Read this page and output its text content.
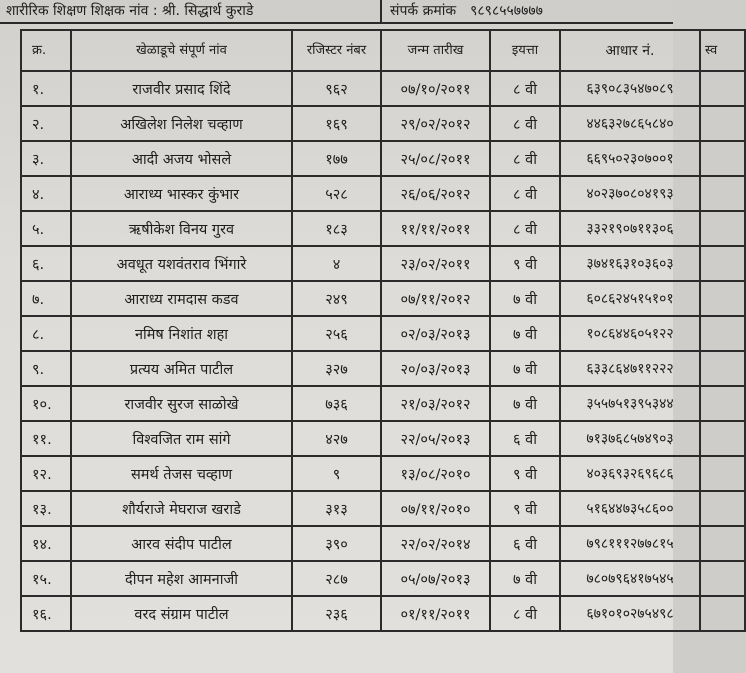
शारीरिक शिक्षण शिक्षक नांव : श्री. सिद्धार्थ कुराडे	संपर्क क्रमांक ९८९८५५७७७७
क्र.	खेळाडूचे संपूर्ण नांव	रजिस्टर नंबर	जन्म तारीख	इयत्ता	आधार नं.	स्व
१.	राजवीर प्रसाद शिंदे	९६२	०७/१०/२०११	८ वी	६३९०८३५४७०८९	
२.	अखिलेश निलेश चव्हाण	१६९	२९/०२/२०१२	८ वी	४४६३२७८६५८४०	
३.	आदी अजय भोसले	१७७	२५/०८/२०११	८ वी	६६९५०२३०७००१	
४.	आराध्य भास्कर कुंभार	५२८	२६/०६/२०१२	८ वी	४०२३७०८०४१९३	
५.	ऋषीकेश विनय गुरव	१८३	११/११/२०११	८ वी	३३२१९०७११३०६	
६.	अवधूत यशवंतराव भिंगारे	४	२३/०२/२०११	९ वी	३७४१६३१०३६०३	
७.	आराध्य रामदास कडव	२४९	०७/११/२०१२	७ वी	६०८६२४५१५१०१	
८.	नमिष निशांत शहा	२५६	०२/०३/२०१३	७ वी	१०८६४४६०५१२२	
९.	प्रत्यय अमित पाटील	३२७	२०/०३/२०१३	७ वी	६३३८६४७११२२२	
१०.	राजवीर सुरज साळोखे	७३६	२१/०३/२०१२	७ वी	३५५७५१३९५३४४	
११.	विश्वजित राम सांगे	४२७	२२/०५/२०१३	६ वी	७१३७६८५७४९०३	
१२.	समर्थ तेजस चव्हाण	९	१३/०८/२०१०	९ वी	४०३६९३२६९६८६	
१३.	शौर्यराजे मेघराज खराडे	३१३	०७/११/२०१०	९ वी	५१६४४७३५८६००	
१४.	आरव संदीप पाटील	३९०	२२/०२/२०१४	६ वी	७९८१११२७७८१५	
१५.	दीपन महेश आमनाजी	२८७	०५/०७/२०१३	७ वी	७८०७९६४१७५४५	
१६.	वरद संग्राम पाटील	२३६	०१/११/२०११	८ वी	६७१०१०२७५४९८	
